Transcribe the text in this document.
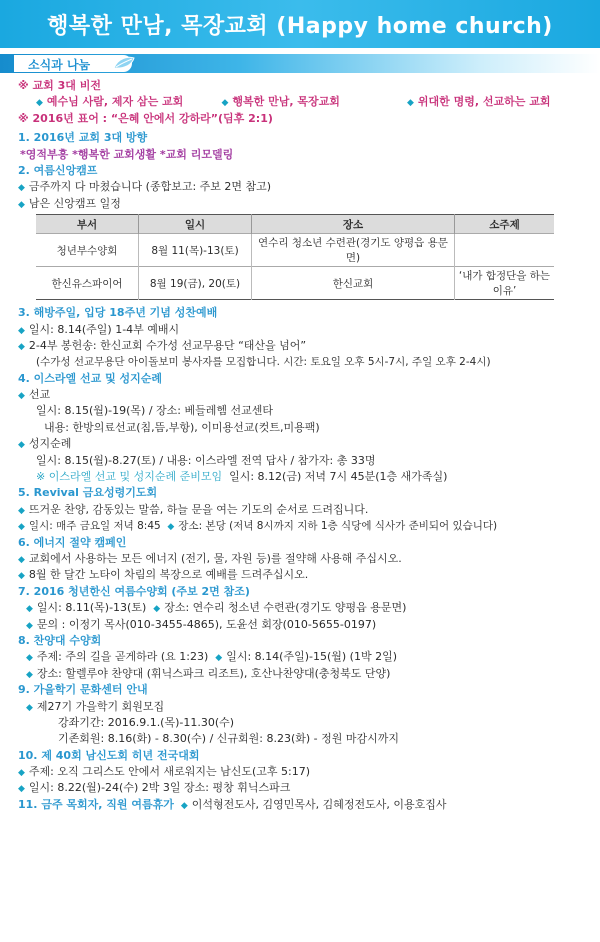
행복한 만남, 목장교회 (Happy home church)
소식과 나눔
※ 교회 3대 비전
◆ 예수님 사람, 제자 삼는 교회	◆ 행복한 만남, 목장교회	◆ 위대한 명령, 선교하는 교회
※ 2016년 표어 : “은혜 안에서 강하라”(딤후 2:1)
1. 2016년 교회 3대 방향
*영적부흥 *행복한 교회생활 *교회 리모델링
2. 여름신앙캠프
◆ 금주까지 다 마쳤습니다 (종합보고: 주보 2면 참고)
◆ 남은 신앙캠프 일정
부서	일시	장소	소주제
청년부수양회	8월 11(목)-13(토)	연수리 청소년 수련관(경기도 양평읍 용문면)	
한신유스파이어	8월 19(금), 20(토)	한신교회	‘내가 합정단을 하는 이유’
3. 해방주일, 입당 18주년 기념 성찬예배
◆ 일시: 8.14(주일) 1-4부 예배시
◆ 2-4부 봉헌송: 한신교회 수가성 선교무용단 “태산을 넘어”
(수가성 선교무용단 아이돌보미 봉사자를 모집합니다. 시간: 토요일 오후 5시-7시, 주일 오후 2-4시)
4. 이스라엘 선교 및 성지순례
◆ 선교
일시: 8.15(월)-19(목) / 장소: 베들레헴 선교센타
내용: 한방의료선교(침,뜸,부항), 이미용선교(컷트,미용팩)
◆ 성지순례
일시: 8.15(월)-8.27(토) / 내용: 이스라엘 전역 답사 / 참가자: 총 33명
※ 이스라엘 선교 및 성지순례 준비모임 일시: 8.12(금) 저녁 7시 45분(1층 새가족실)
5. Revival 금요성령기도회
◆ 뜨거운 찬양, 감동있는 말씀, 하늘 문을 여는 기도의 순서로 드려집니다.
◆ 일시: 매주 금요일 저녁 8:45 ◆ 장소: 본당 (저녁 8시까지 지하 1층 식당에 식사가 준비되어 있습니다)
6. 에너지 절약 캠페인
◆ 교회에서 사용하는 모든 에너지 (전기, 물, 자원 등)를 절약해 사용해 주십시오.
◆ 8월 한 달간 노타이 차림의 복장으로 예배를 드려주십시오.
7. 2016 청년한신 여름수양회 (주보 2면 참조)
◆ 일시: 8.11(목)-13(토) ◆ 장소: 연수리 청소년 수련관(경기도 양평읍 용문면)
◆ 문의 : 이정기 목사(010-3455-4865), 도윤선 회장(010-5655-0197)
8. 찬양대 수양회
◆ 주제: 주의 길을 곧게하라 (요 1:23) ◆ 일시: 8.14(주일)-15(월) (1박 2일)
◆ 장소: 할렐루야 찬양대 (휘닉스파크 리조트), 호산나찬양대(충청북도 단양)
9. 가을학기 문화센터 안내
◆ 제27기 가을학기 회원모집
강좌기간: 2016.9.1.(목)-11.30(수)
기존회원: 8.16(화) - 8.30(수) / 신규회원: 8.23(화) - 정원 마감시까지
10. 제 40회 남신도회 히년 전국대회
◆ 주제: 오직 그리스도 안에서 새로워지는 남신도(고후 5:17)
◆ 일시: 8.22(월)-24(수) 2박 3일 장소: 평창 휘닉스파크
11. 금주 목회자, 직원 여름휴가 ◆ 이석형전도사, 김영민목사, 김혜정전도사, 이용호집사
